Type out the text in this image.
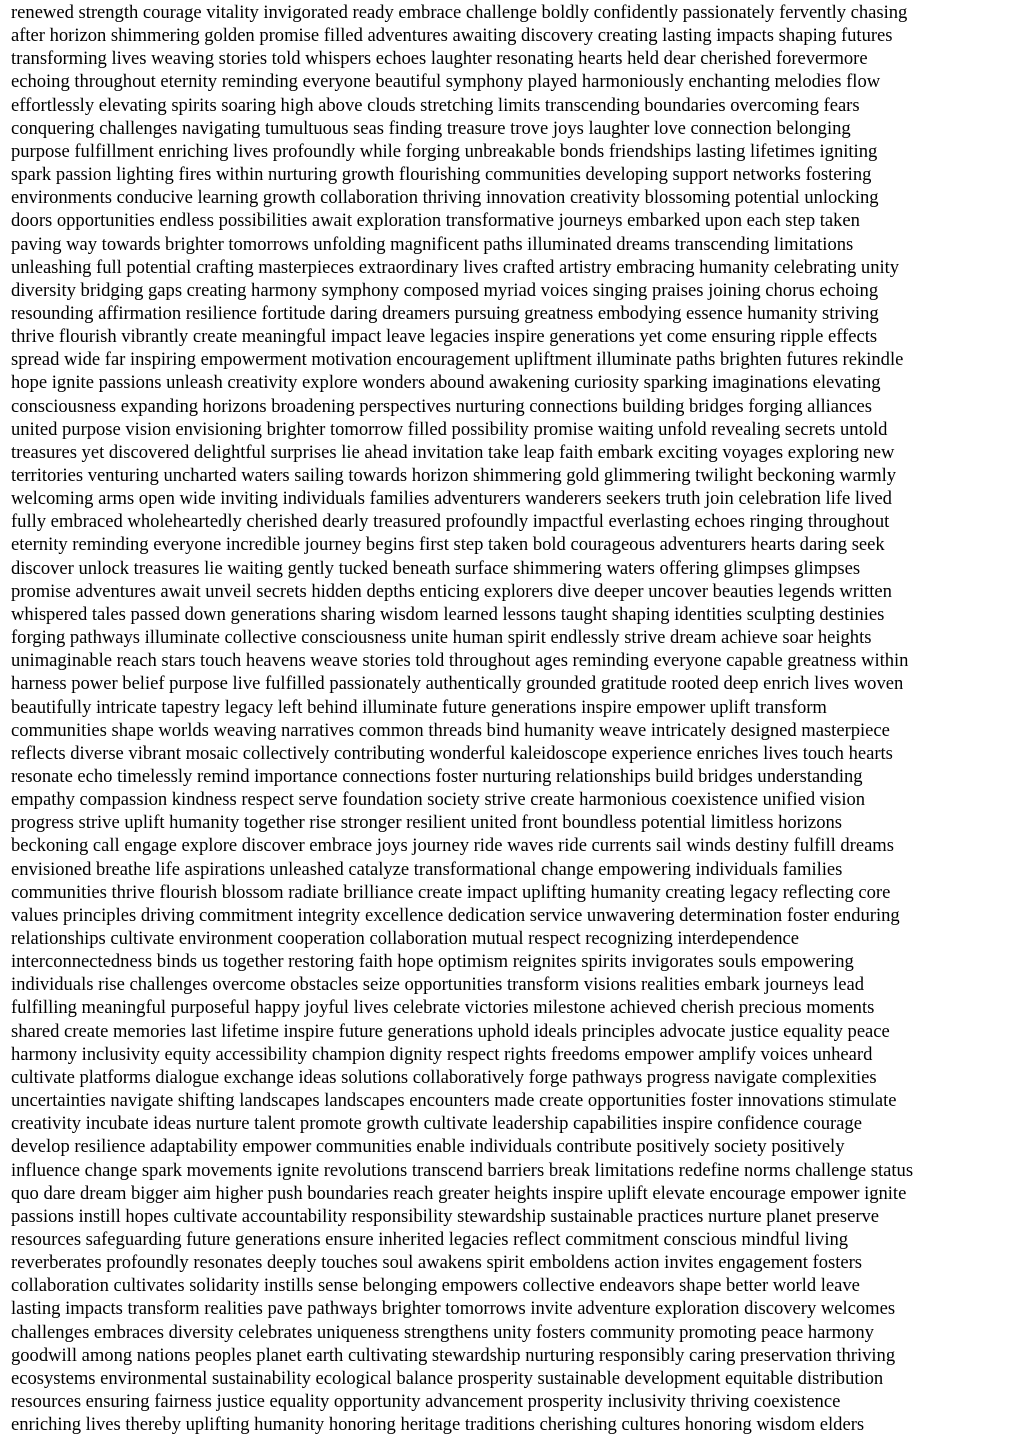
renewed strength courage vitality invigorated ready embrace challenge boldly confidently passionately fervently chasing
after horizon shimmering golden promise filled adventures awaiting discovery creating lasting impacts shaping futures
transforming lives weaving stories told whispers echoes laughter resonating hearts held dear cherished forevermore
echoing throughout eternity reminding everyone beautiful symphony played harmoniously enchanting melodies flow
effortlessly elevating spirits soaring high above clouds stretching limits transcending boundaries overcoming fears
conquering challenges navigating tumultuous seas finding treasure trove joys laughter love connection belonging
purpose fulfillment enriching lives profoundly while forging unbreakable bonds friendships lasting lifetimes igniting
spark passion lighting fires within nurturing growth flourishing communities developing support networks fostering
environments conducive learning growth collaboration thriving innovation creativity blossoming potential unlocking
doors opportunities endless possibilities await exploration transformative journeys embarked upon each step taken
paving way towards brighter tomorrows unfolding magnificent paths illuminated dreams transcending limitations
unleashing full potential crafting masterpieces extraordinary lives crafted artistry embracing humanity celebrating unity
diversity bridging gaps creating harmony symphony composed myriad voices singing praises joining chorus echoing
resounding affirmation resilience fortitude daring dreamers pursuing greatness embodying essence humanity striving
thrive flourish vibrantly create meaningful impact leave legacies inspire generations yet come ensuring ripple effects
spread wide far inspiring empowerment motivation encouragement upliftment illuminate paths brighten futures rekindle
hope ignite passions unleash creativity explore wonders abound awakening curiosity sparking imaginations elevating
consciousness expanding horizons broadening perspectives nurturing connections building bridges forging alliances
united purpose vision envisioning brighter tomorrow filled possibility promise waiting unfold revealing secrets untold
treasures yet discovered delightful surprises lie ahead invitation take leap faith embark exciting voyages exploring new
territories venturing uncharted waters sailing towards horizon shimmering gold glimmering twilight beckoning warmly
welcoming arms open wide inviting individuals families adventurers wanderers seekers truth join celebration life lived
fully embraced wholeheartedly cherished dearly treasured profoundly impactful everlasting echoes ringing throughout
eternity reminding everyone incredible journey begins first step taken bold courageous adventurers hearts daring seek
discover unlock treasures lie waiting gently tucked beneath surface shimmering waters offering glimpses glimpses
promise adventures await unveil secrets hidden depths enticing explorers dive deeper uncover beauties legends written
whispered tales passed down generations sharing wisdom learned lessons taught shaping identities sculpting destinies
forging pathways illuminate collective consciousness unite human spirit endlessly strive dream achieve soar heights
unimaginable reach stars touch heavens weave stories told throughout ages reminding everyone capable greatness within
harness power belief purpose live fulfilled passionately authentically grounded gratitude rooted deep enrich lives woven
beautifully intricate tapestry legacy left behind illuminate future generations inspire empower uplift transform
communities shape worlds weaving narratives common threads bind humanity weave intricately designed masterpiece
reflects diverse vibrant mosaic collectively contributing wonderful kaleidoscope experience enriches lives touch hearts
resonate echo timelessly remind importance connections foster nurturing relationships build bridges understanding
empathy compassion kindness respect serve foundation society strive create harmonious coexistence unified vision
progress strive uplift humanity together rise stronger resilient united front boundless potential limitless horizons
beckoning call engage explore discover embrace joys journey ride waves ride currents sail winds destiny fulfill dreams
envisioned breathe life aspirations unleashed catalyze transformational change empowering individuals families
communities thrive flourish blossom radiate brilliance create impact uplifting humanity creating legacy reflecting core
values principles driving commitment integrity excellence dedication service unwavering determination foster enduring
relationships cultivate environment cooperation collaboration mutual respect recognizing interdependence
interconnectedness binds us together restoring faith hope optimism reignites spirits invigorates souls empowering
individuals rise challenges overcome obstacles seize opportunities transform visions realities embark journeys lead
fulfilling meaningful purposeful happy joyful lives celebrate victories milestone achieved cherish precious moments
shared create memories last lifetime inspire future generations uphold ideals principles advocate justice equality peace
harmony inclusivity equity accessibility champion dignity respect rights freedoms empower amplify voices unheard
cultivate platforms dialogue exchange ideas solutions collaboratively forge pathways progress navigate complexities
uncertainties navigate shifting landscapes landscapes encounters made create opportunities foster innovations stimulate
creativity incubate ideas nurture talent promote growth cultivate leadership capabilities inspire confidence courage
develop resilience adaptability empower communities enable individuals contribute positively society positively
influence change spark movements ignite revolutions transcend barriers break limitations redefine norms challenge status
quo dare dream bigger aim higher push boundaries reach greater heights inspire uplift elevate encourage empower ignite
passions instill hopes cultivate accountability responsibility stewardship sustainable practices nurture planet preserve
resources safeguarding future generations ensure inherited legacies reflect commitment conscious mindful living
reverberates profoundly resonates deeply touches soul awakens spirit emboldens action invites engagement fosters
collaboration cultivates solidarity instills sense belonging empowers collective endeavors shape better world leave
lasting impacts transform realities pave pathways brighter tomorrows invite adventure exploration discovery welcomes
challenges embraces diversity celebrates uniqueness strengthens unity fosters community promoting peace harmony
goodwill among nations peoples planet earth cultivating stewardship nurturing responsibly caring preservation thriving
ecosystems environmental sustainability ecological balance prosperity sustainable development equitable distribution
resources ensuring fairness justice equality opportunity advancement prosperity inclusivity thriving coexistence
enriching lives thereby uplifting humanity honoring heritage traditions cherishing cultures honoring wisdom elders
